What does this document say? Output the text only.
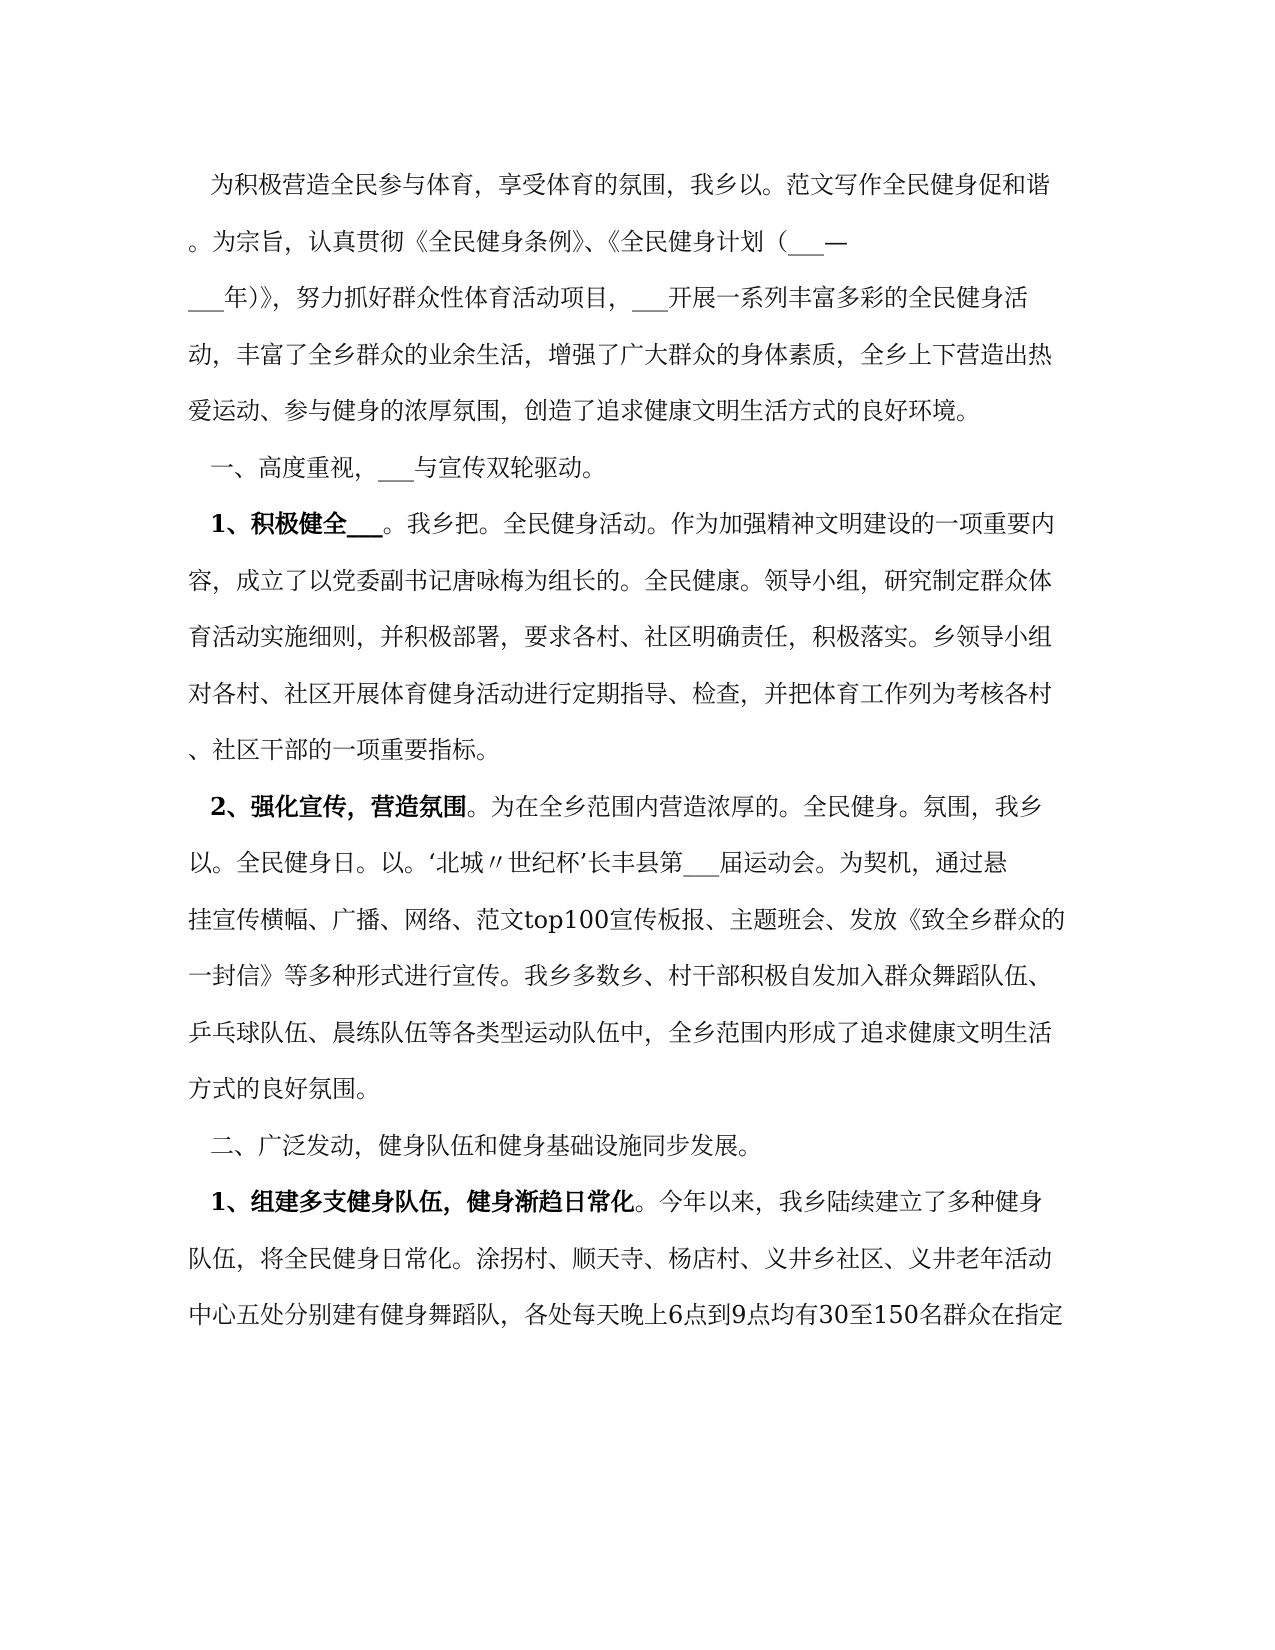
为积极营造全民参与体育，享受体育的氛围，我乡以。范文写作全民健身促和谐

。为宗旨，认真贯彻《全民健身条例》、《全民健身计划（___—

___年）》，努力抓好群众性体育活动项目，___开展一系列丰富多彩的全民健身活

动，丰富了全乡群众的业余生活，增强了广大群众的身体素质，全乡上下营造出热

爱运动、参与健身的浓厚氛围，创造了追求健康文明生活方式的良好环境。

一、高度重视，___与宣传双轮驱动。

1、积极健全___。我乡把。全民健身活动。作为加强精神文明建设的一项重要内

容，成立了以党委副书记唐咏梅为组长的。全民健康。领导小组，研究制定群众体

育活动实施细则，并积极部署，要求各村、社区明确责任，积极落实。乡领导小组

对各村、社区开展体育健身活动进行定期指导、检查，并把体育工作列为考核各村

、社区干部的一项重要指标。

2、强化宣传，营造氛围。为在全乡范围内营造浓厚的。全民健身。氛围，我乡

以。全民健身日。以。‘北城〃世纪杯’长丰县第___届运动会。为契机，通过悬

挂宣传横幅、广播、网络、范文top100宣传板报、主题班会、发放《致全乡群众的

一封信》等多种形式进行宣传。我乡多数乡、村干部积极自发加入群众舞蹈队伍、

乒乓球队伍、晨练队伍等各类型运动队伍中，全乡范围内形成了追求健康文明生活

方式的良好氛围。

二、广泛发动，健身队伍和健身基础设施同步发展。

1、组建多支健身队伍，健身渐趋日常化。今年以来，我乡陆续建立了多种健身

队伍，将全民健身日常化。涂拐村、顺天寺、杨店村、义井乡社区、义井老年活动

中心五处分别建有健身舞蹈队，各处每天晚上6点到9点均有30至150名群众在指定
